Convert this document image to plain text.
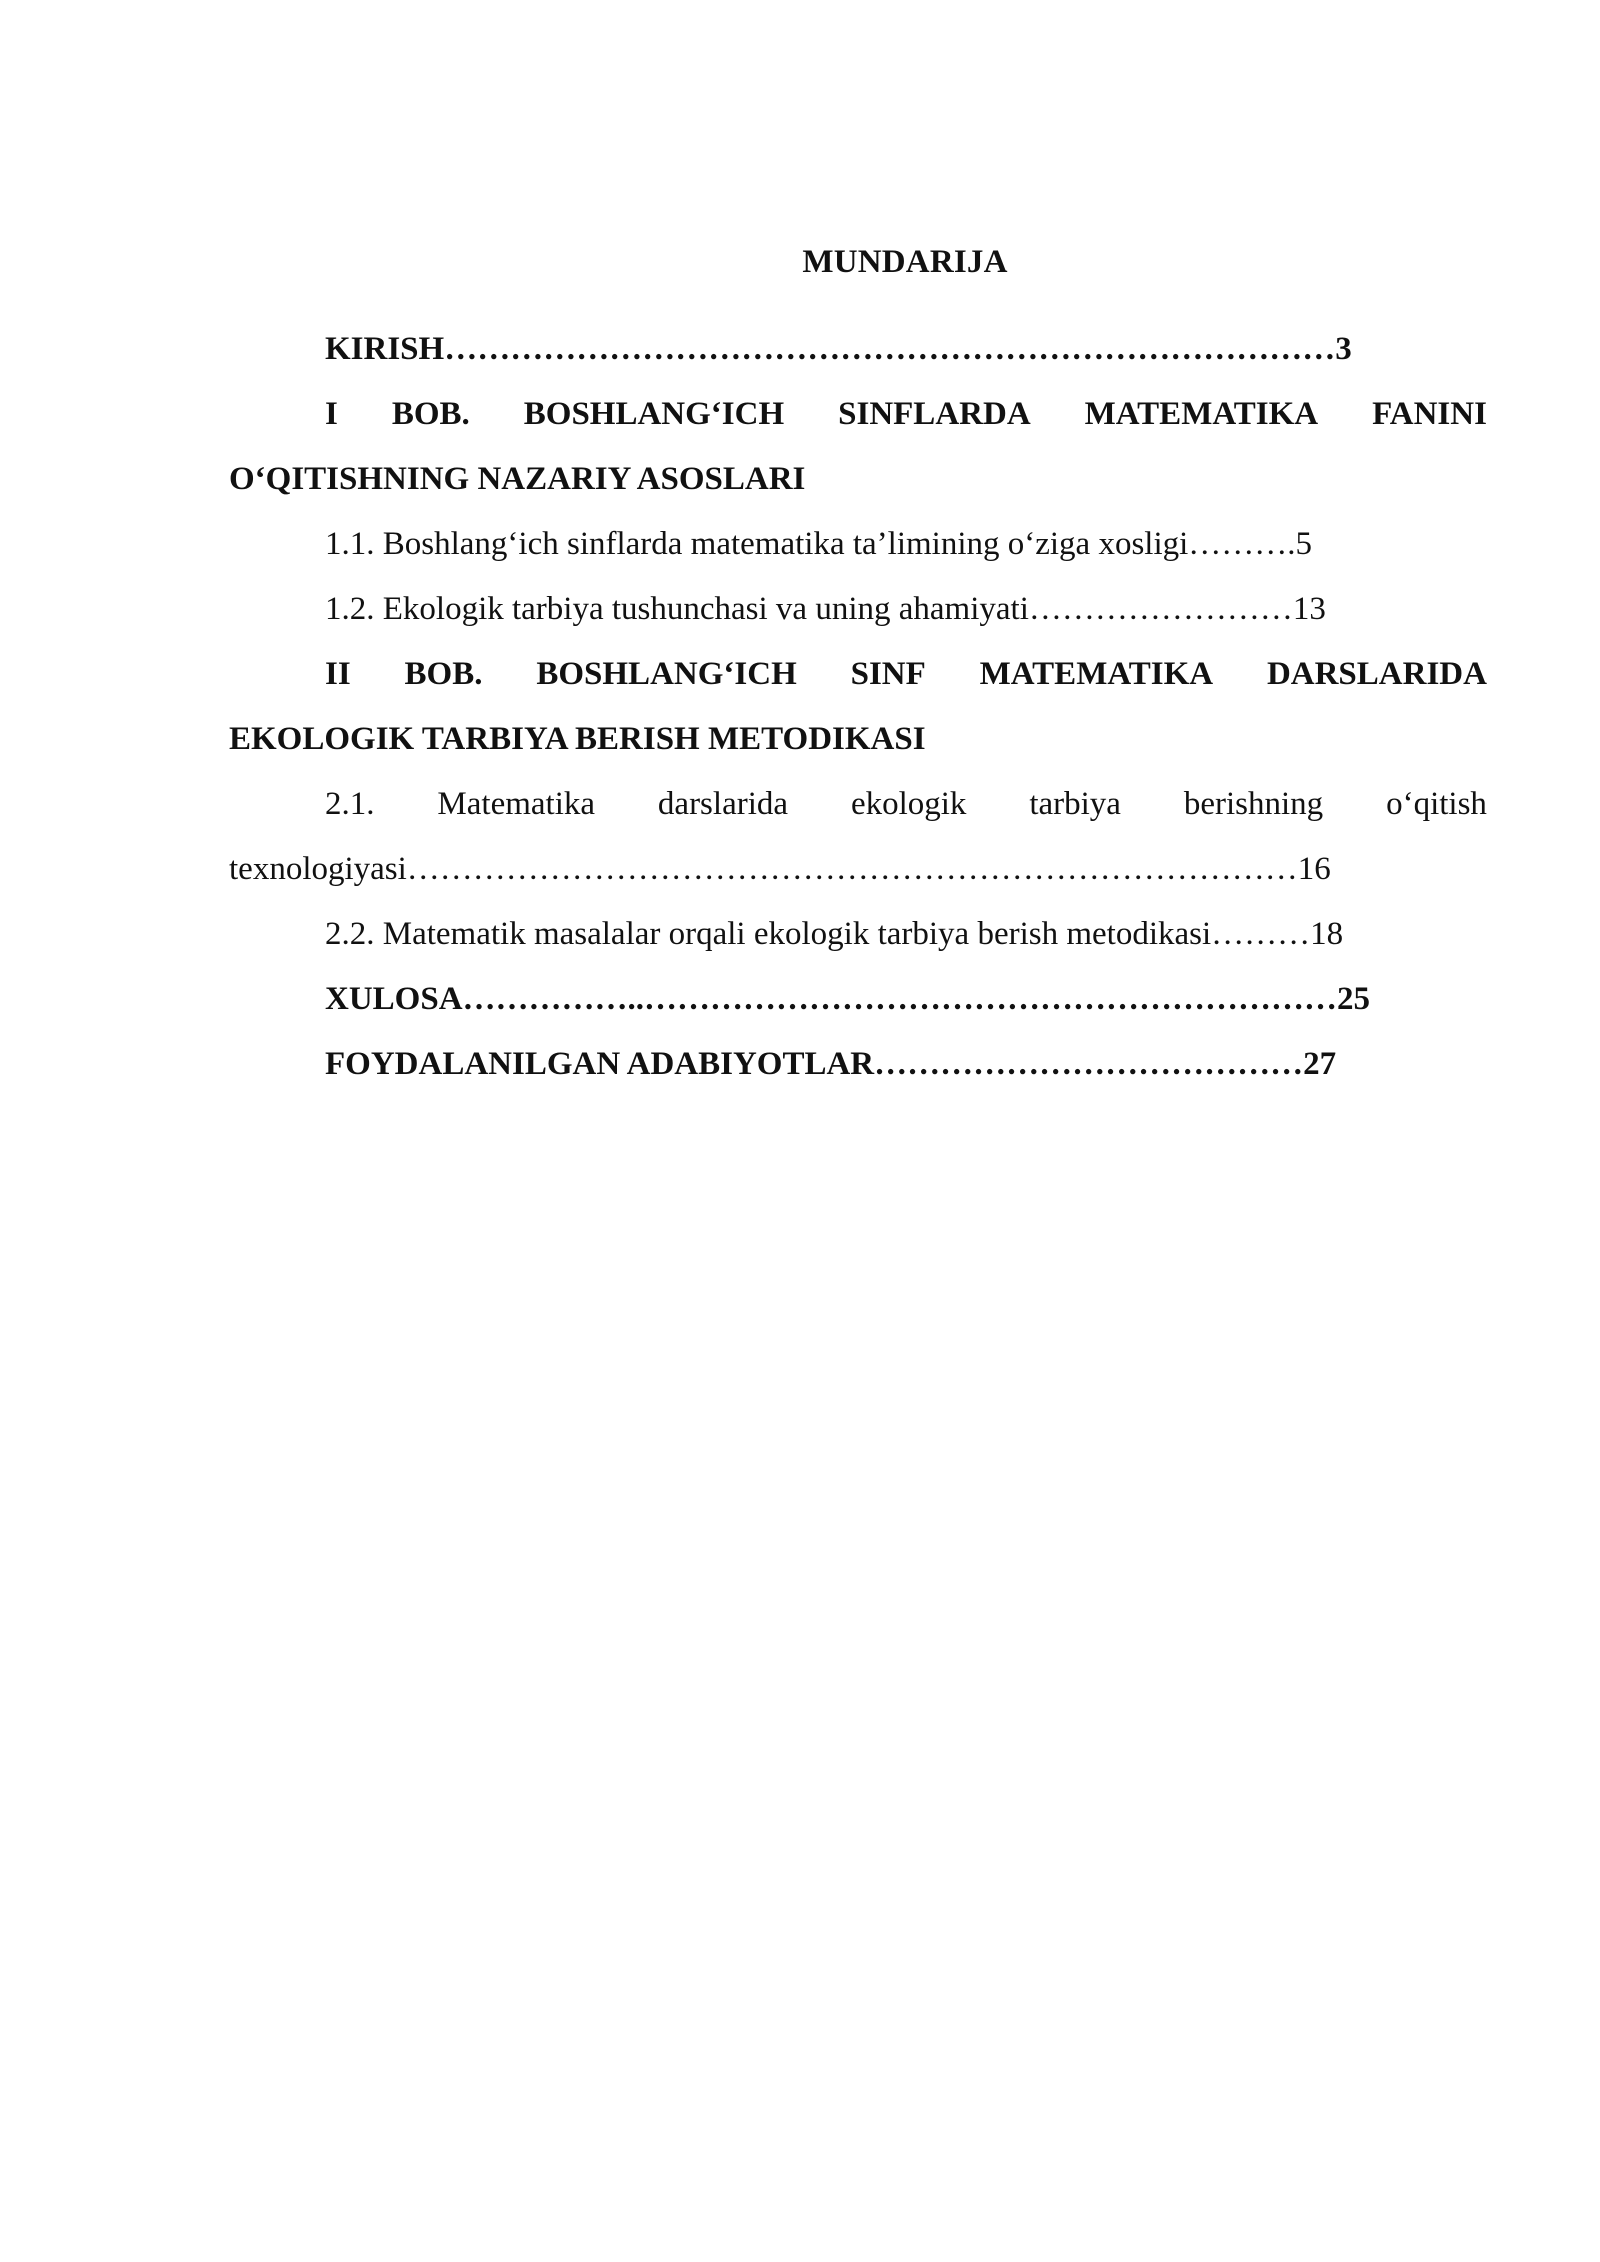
MUNDARIJA
KIRISH………………………………………………………………………3
I BOB. BOSHLANG‘ICH SINFLARDA MATEMATIKA FANINI
O‘QITISHNING NAZARIY ASOSLARI
1.1. Boshlang‘ich sinflarda matematika ta’limining o‘ziga xosligi……….5
1.2. Ekologik tarbiya tushunchasi va uning ahamiyati……………………13
II BOB. BOSHLANG‘ICH SINF MATEMATIKA DARSLARIDA
EKOLOGIK TARBIYA BERISH METODIKASI
2.1. Matematika darslarida ekologik tarbiya berishning o‘qitish
texnologiyasi………………………………………………………………………16
2.2. Matematik masalalar orqali ekologik tarbiya berish metodikasi………18
XULOSA……………..………………………………………………………25
FOYDALANILGAN ADABIYOTLAR…………………………………27
